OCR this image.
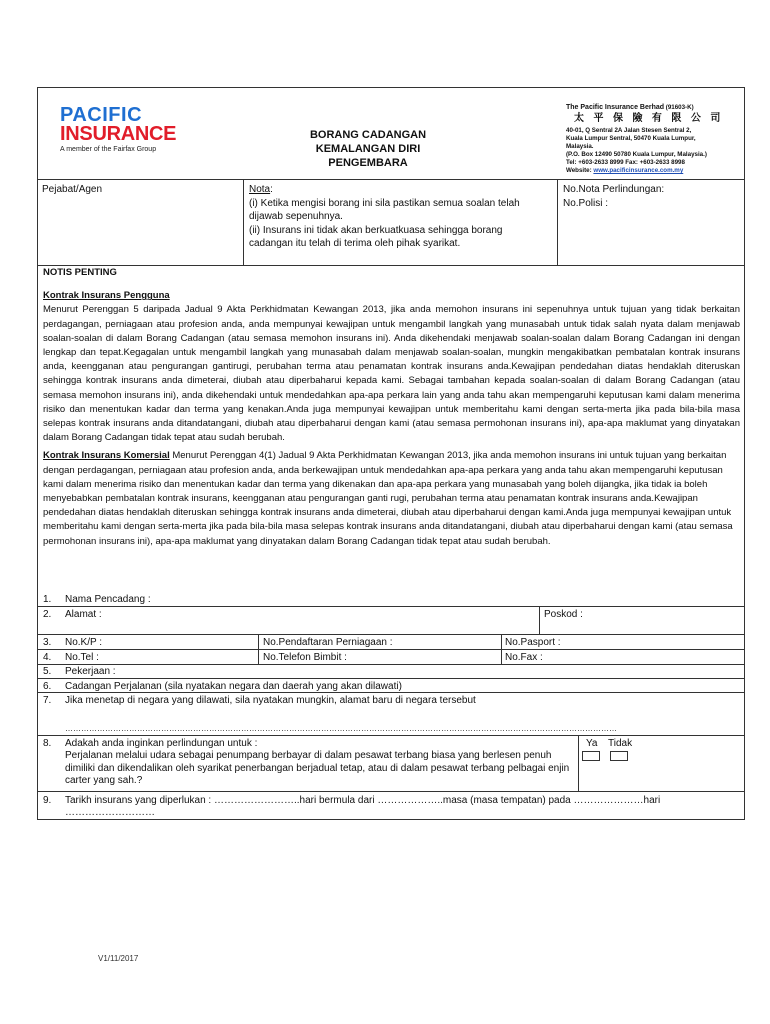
PACIFIC
INSURANCE
A member of the Fairfax Group
BORANG CADANGAN
KEMALANGAN DIRI
PENGEMBARA
The Pacific Insurance Berhad (91603-K)
太 平 保 險 有 限 公 司
40-01, Q Sentral 2A Jalan Stesen Sentral 2,
Kuala Lumpur Sentral, 50470 Kuala Lumpur,
Malaysia.
(P.O. Box 12490 50780 Kuala Lumpur, Malaysia.)
Tel: +603-2633 8999 Fax: +603-2633 8998
Website: www.pacificinsurance.com.my
Pejabat/Agen	Nota:
(i) Ketika mengisi borang ini sila pastikan semua soalan telah dijawab sepenuhnya.
(ii) Insurans ini tidak akan berkuatkuasa sehingga borang cadangan itu telah di terima oleh pihak syarikat.
No.Nota Perlindungan:
No.Polisi :
NOTIS PENTING
Kontrak Insurans Pengguna
Menurut Perenggan 5 daripada Jadual 9 Akta Perkhidmatan Kewangan 2013, jika anda memohon insurans ini sepenuhnya untuk tujuan yang tidak berkaitan perdagangan, perniagaan atau profesion anda, anda mempunyai kewajipan untuk mengambil langkah yang munasabah untuk tidak salah nyata dalam menjawab soalan-soalan di dalam Borang Cadangan (atau semasa memohon insurans ini). Anda dikehendaki menjawab soalan-soalan dalam Borang Cadangan ini dengan lengkap dan tepat.Kegagalan untuk mengambil langkah yang munasabah dalam menjawab soalan-soalan, mungkin mengakibatkan pembatalan kontrak insurans anda, keengganan atau pengurangan gantirugi, perubahan terma atau penamatan kontrak insurans anda.Kewajipan pendedahan diatas hendaklah diteruskan sehingga kontrak insurans anda dimeterai, diubah atau diperbaharui kepada kami. Sebagai tambahan kepada soalan-soalan di dalam Borang Cadangan (atau semasa memohon insurans ini), anda dikehendaki untuk mendedahkan apa-apa perkara lain yang anda tahu akan mempengaruhi keputusan kami dalam menerima risiko dan menentukan kadar dan terma yang kenakan.Anda juga mempunyai kewajipan untuk memberitahu kami dengan serta-merta jika pada bila-bila masa selepas kontrak insurans anda ditandatangani, diubah atau diperbaharui dengan kami (atau semasa permohonan insurans ini), apa-apa maklumat yang dinyatakan dalam Borang Cadangan tidak tepat atau sudah berubah.
Kontrak Insurans Komersial Menurut Perenggan 4(1) Jadual 9 Akta Perkhidmatan Kewangan 2013, jika anda memohon insurans ini untuk tujuan yang berkaitan dengan perdagangan, perniagaan atau profesion anda, anda berkewajipan untuk mendedahkan apa-apa perkara yang anda tahu akan mempengaruhi keputusan kami dalam menerima risiko dan menentukan kadar dan terma yang dikenakan dan apa-apa perkara yang munasabah yang boleh dijangka, jika tidak ia boleh menyebabkan pembatalan kontrak insurans, keengganan atau pengurangan ganti rugi, perubahan terma atau penamatan kontrak insurans anda.Kewajipan pendedahan diatas hendaklah diteruskan sehingga kontrak insurans anda dimeterai, diubah atau diperbaharui dengan kami.Anda juga mempunyai kewajipan untuk memberitahu kami dengan serta-merta jika pada bila-bila masa selepas kontrak insurans anda ditandatangani, diubah atau diperbaharui dengan kami (atau semasa permohonan insurans ini), apa-apa maklumat yang dinyatakan dalam Borang Cadangan tidak tepat atau sudah berubah.
1. Nama Pencadang :
2. Alamat :	Poskod :
3. No.K/P :	No.Pendaftaran Perniagaan :	No.Pasport :
4. No.Tel :	No.Telefon Bimbit :	No.Fax :
5. Pekerjaan :
6. Cadangan Perjalanan (sila nyatakan negara dan daerah yang akan dilawati)
7. Jika menetap di negara yang dilawati, sila nyatakan mungkin, alamat baru di negara tersebut
………………………………………………………………………………………………………………………………………………………………………………………
8. Adakah anda inginkan perlindungan untuk :
Perjalanan melalui udara sebagai penumpang berbayar di dalam pesawat terbang biasa yang berlesen penuh dimiliki dan dikendalikan oleh syarikat penerbangan berjadual tetap, atau di dalam pesawat terbang pelbagai enjin carter yang sah.?
Ya Tidak
9. Tarikh insurans yang diperlukan : ……………………..hari bermula dari ………………..masa (masa tempatan) pada …………………hari
………………………
V1/11/2017
